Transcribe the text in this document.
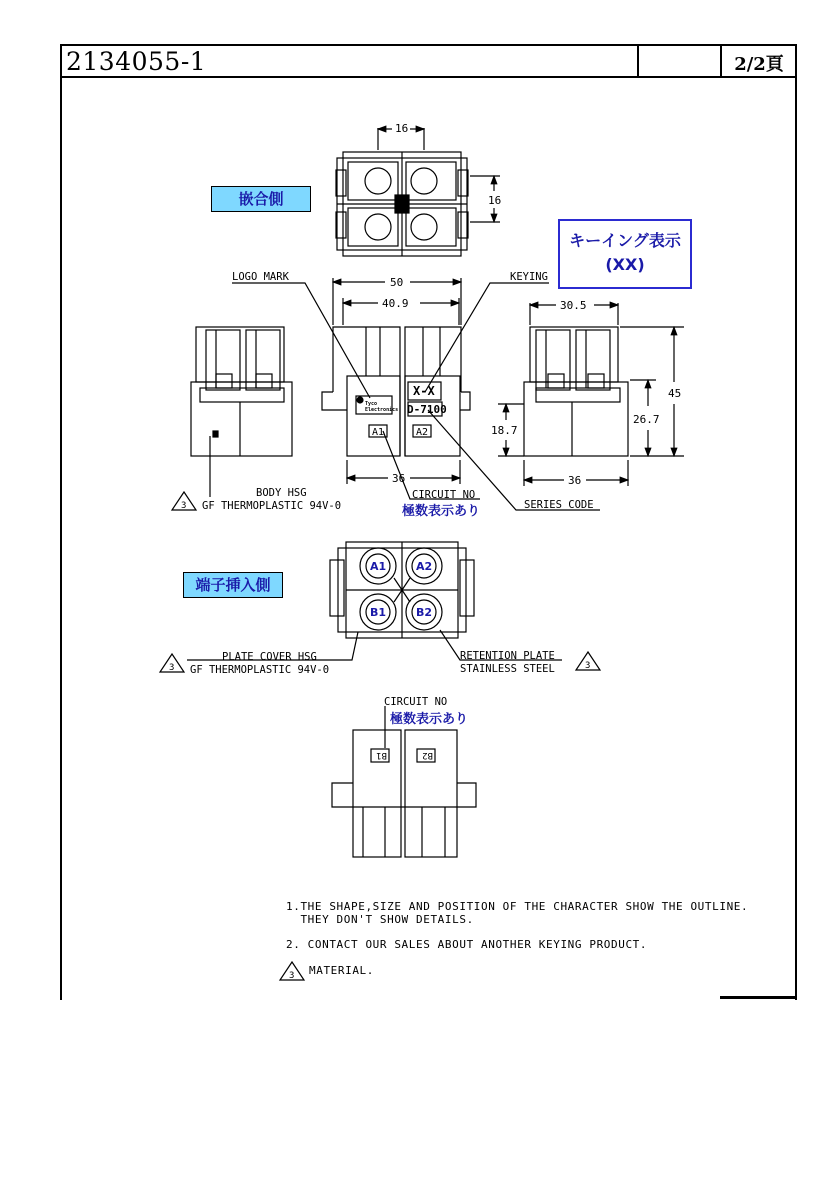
2134055-1	2/2頁
16
16
50
40.9
36
30.5
36
45
26.7
18.7
LOGO MARK	KEYING
X-X
D-7100
Tyco
Electronics
A1	A2
SERIES CODE
CIRCUIT NO
BODY HSG
GF THERMOPLASTIC 94V-0
PLATE COVER HSG
GF THERMOPLASTIC 94V-0
RETENTION PLATE
STAINLESS STEEL
CIRCUIT NO
B1	B2
3
3	3
3
A1	A2
B1	B2
嵌合側
端子挿入側
キーイング表示
(XX)
極数表示あり
極数表示あり
1.THE SHAPE,SIZE AND POSITION OF THE CHARACTER SHOW THE OUTLINE.
THEY DON'T SHOW DETAILS.
2. CONTACT OUR SALES ABOUT ANOTHER KEYING PRODUCT.
MATERIAL.
